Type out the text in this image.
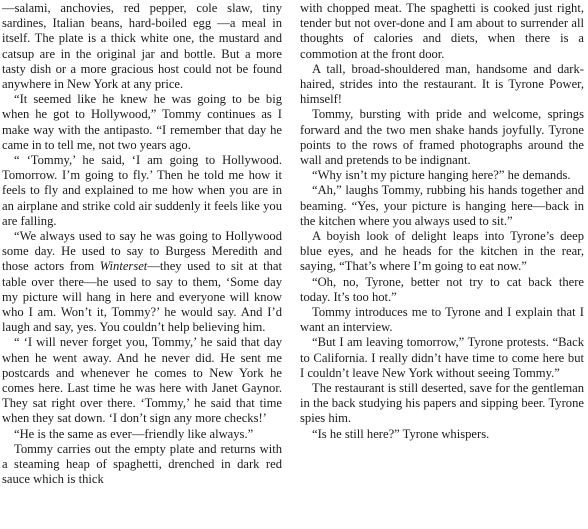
—salami, anchovies, red pepper, cole slaw, tiny sardines, Italian beans, hard-boiled egg —a meal in itself. The plate is a thick white one, the mustard and catsup are in the original jar and bottle. But a more tasty dish or a more gracious host could not be found anywhere in New York at any price.

“It seemed like he knew he was going to be big when he got to Hollywood,” Tommy continues as I make way with the antipasto. “I remember that day he came in to tell me, not two years ago.

“ ‘Tommy,’ he said, ‘I am going to Hollywood. Tomorrow. I’m going to fly.’ Then he told me how it feels to fly and explained to me how when you are in an airplane and strike cold air suddenly it feels like you are falling.

“We always used to say he was going to Hollywood some day. He used to say to Burgess Meredith and those actors from Winterset—they used to sit at that table over there—he used to say to them, ‘Some day my picture will hang in here and everyone will know who I am. Won’t it, Tommy?’ he would say. And I’d laugh and say, yes. You couldn’t help believing him.

“ ‘I will never forget you, Tommy,’ he said that day when he went away. And he never did. He sent me postcards and whenever he comes to New York he comes here. Last time he was here with Janet Gaynor. They sat right over there. ‘Tommy,’ he said that time when they sat down. ‘I don’t sign any more checks!’

“He is the same as ever—friendly like always.”

Tommy carries out the empty plate and returns with a steaming heap of spaghetti, drenched in dark red sauce which is thick

with chopped meat. The spaghetti is cooked just right, tender but not over-done and I am about to surrender all thoughts of calories and diets, when there is a commotion at the front door.

A tall, broad-shouldered man, handsome and dark-haired, strides into the restaurant. It is Tyrone Power, himself!

Tommy, bursting with pride and welcome, springs forward and the two men shake hands joyfully. Tyrone points to the rows of framed photographs around the wall and pretends to be indignant.

“Why isn’t my picture hanging here?” he demands.

“Ah,” laughs Tommy, rubbing his hands together and beaming. “Yes, your picture is hanging here—back in the kitchen where you always used to sit.”

A boyish look of delight leaps into Tyrone’s deep blue eyes, and he heads for the kitchen in the rear, saying, “That’s where I’m going to eat now.”

“Oh, no, Tyrone, better not try to cat back there today. It’s too hot.”

Tommy introduces me to Tyrone and I explain that I want an interview.

“But I am leaving tomorrow,” Tyrone protests. “Back to California. I really didn’t have time to come here but I couldn’t leave New York without seeing Tommy.”

The restaurant is still deserted, save for the gentleman in the back studying his papers and sipping beer. Tyrone spies him.

“Is he still here?” Tyrone whispers.
